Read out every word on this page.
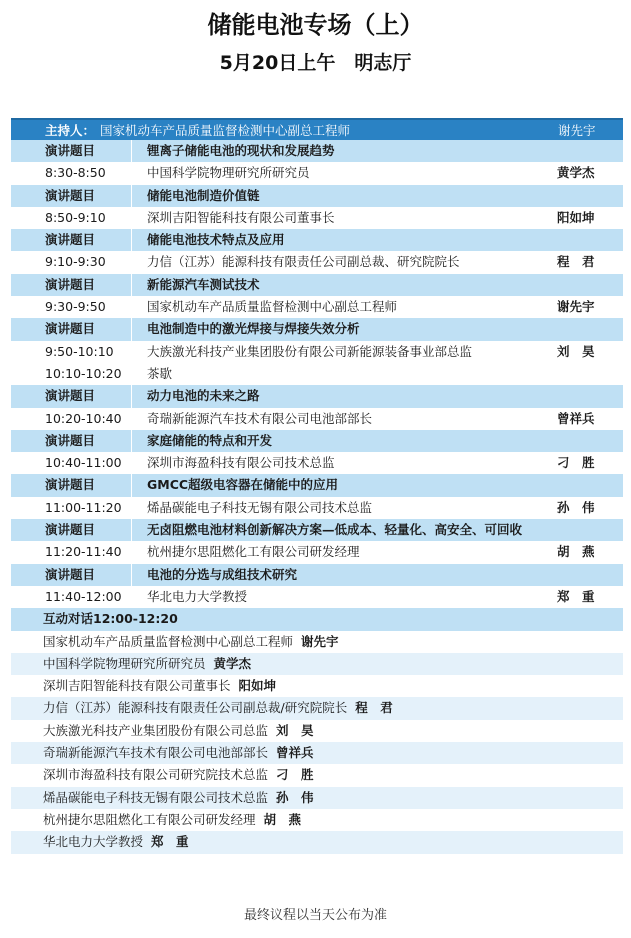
储能电池专场（上）
5月20日上午　明志厅
主持人： 国家机动车产品质量监督检测中心副总工程师	谢先宇
演讲题目	锂离子储能电池的现状和发展趋势
8:30-8:50	中国科学院物理研究所研究员	黄学杰
演讲题目	储能电池制造价值链
8:50-9:10	深圳吉阳智能科技有限公司董事长	阳如坤
演讲题目	储能电池技术特点及应用
9:10-9:30	力信（江苏）能源科技有限责任公司副总裁、研究院院长	程　君
演讲题目	新能源汽车测试技术
9:30-9:50	国家机动车产品质量监督检测中心副总工程师	谢先宇
演讲题目	电池制造中的激光焊接与焊接失效分析
9:50-10:10	大族激光科技产业集团股份有限公司新能源装备事业部总监	刘　昊
10:10-10:20 茶歇
演讲题目	动力电池的未来之路
10:20-10:40 奇瑞新能源汽车技术有限公司电池部部长	曾祥兵
演讲题目	家庭储能的特点和开发
10:40-11:00 深圳市海盈科技有限公司技术总监	刁　胜
演讲题目	GMCC超级电容器在储能中的应用
11:00-11:20 烯晶碳能电子科技无锡有限公司技术总监	孙　伟
演讲题目	无卤阻燃电池材料创新解决方案—低成本、轻量化、高安全、可回收
11:20-11:40 杭州捷尔思阻燃化工有限公司研发经理	胡　燕
演讲题目	电池的分选与成组技术研究
11:40-12:00 华北电力大学教授	郑　重
互动对话12:00-12:20
国家机动车产品质量监督检测中心副总工程师 谢先宇
中国科学院物理研究所研究员 黄学杰
深圳吉阳智能科技有限公司董事长 阳如坤
力信（江苏）能源科技有限责任公司副总裁/研究院院长 程　君
大族激光科技产业集团股份有限公司总监 刘　昊
奇瑞新能源汽车技术有限公司电池部部长 曾祥兵
深圳市海盈科技有限公司研究院技术总监 刁　胜
烯晶碳能电子科技无锡有限公司技术总监 孙　伟
杭州捷尔思阻燃化工有限公司研发经理 胡　燕
华北电力大学教授 郑　重
最终议程以当天公布为准
